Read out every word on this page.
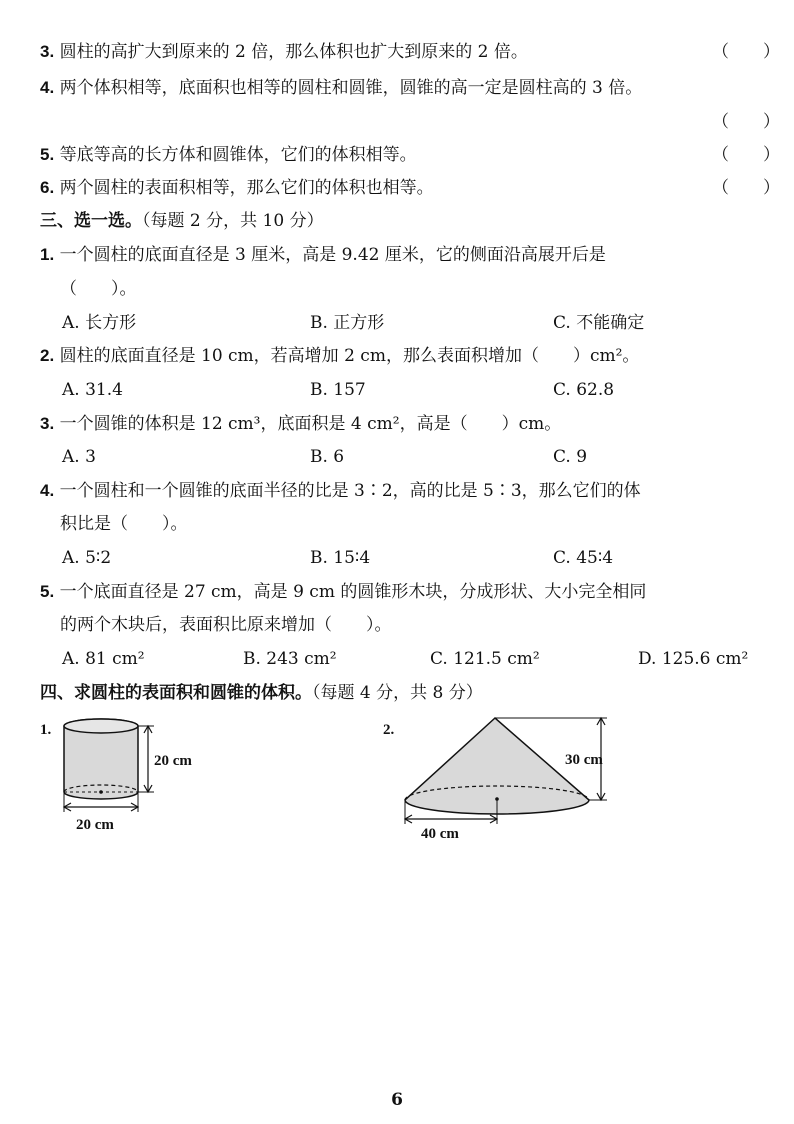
3. 圆柱的高扩大到原来的 2 倍，那么体积也扩大到原来的 2 倍。	（　　）
4. 两个体积相等，底面积也相等的圆柱和圆锥，圆锥的高一定是圆柱高的 3 倍。
（　　）
5. 等底等高的长方体和圆锥体，它们的体积相等。	（　　）
6. 两个圆柱的表面积相等，那么它们的体积也相等。	（　　）
三、选一选。（每题 2 分，共 10 分）
1. 一个圆柱的底面直径是 3 厘米，高是 9.42 厘米，它的侧面沿高展开后是
（　　）。
A. 长方形	B. 正方形	C. 不能确定
2. 圆柱的底面直径是 10 cm，若高增加 2 cm，那么表面积增加（　　）cm²。
A. 31.4	B. 157	C. 62.8
3. 一个圆锥的体积是 12 cm³，底面积是 4 cm²，高是（　　）cm。
A. 3	B. 6	C. 9
4. 一个圆柱和一个圆锥的底面半径的比是 3∶2，高的比是 5∶3，那么它们的体
积比是（　　）。
A. 5∶2	B. 15∶4	C. 45∶4
5. 一个底面直径是 27 cm，高是 9 cm 的圆锥形木块，分成形状、大小完全相同
的两个木块后，表面积比原来增加（　　）。
A. 81 cm²	B. 243 cm²	C. 121.5 cm²	D. 125.6 cm²
四、求圆柱的表面积和圆锥的体积。（每题 4 分，共 8 分）
1.
20 cm
20 cm
2.
30 cm
40 cm
6
